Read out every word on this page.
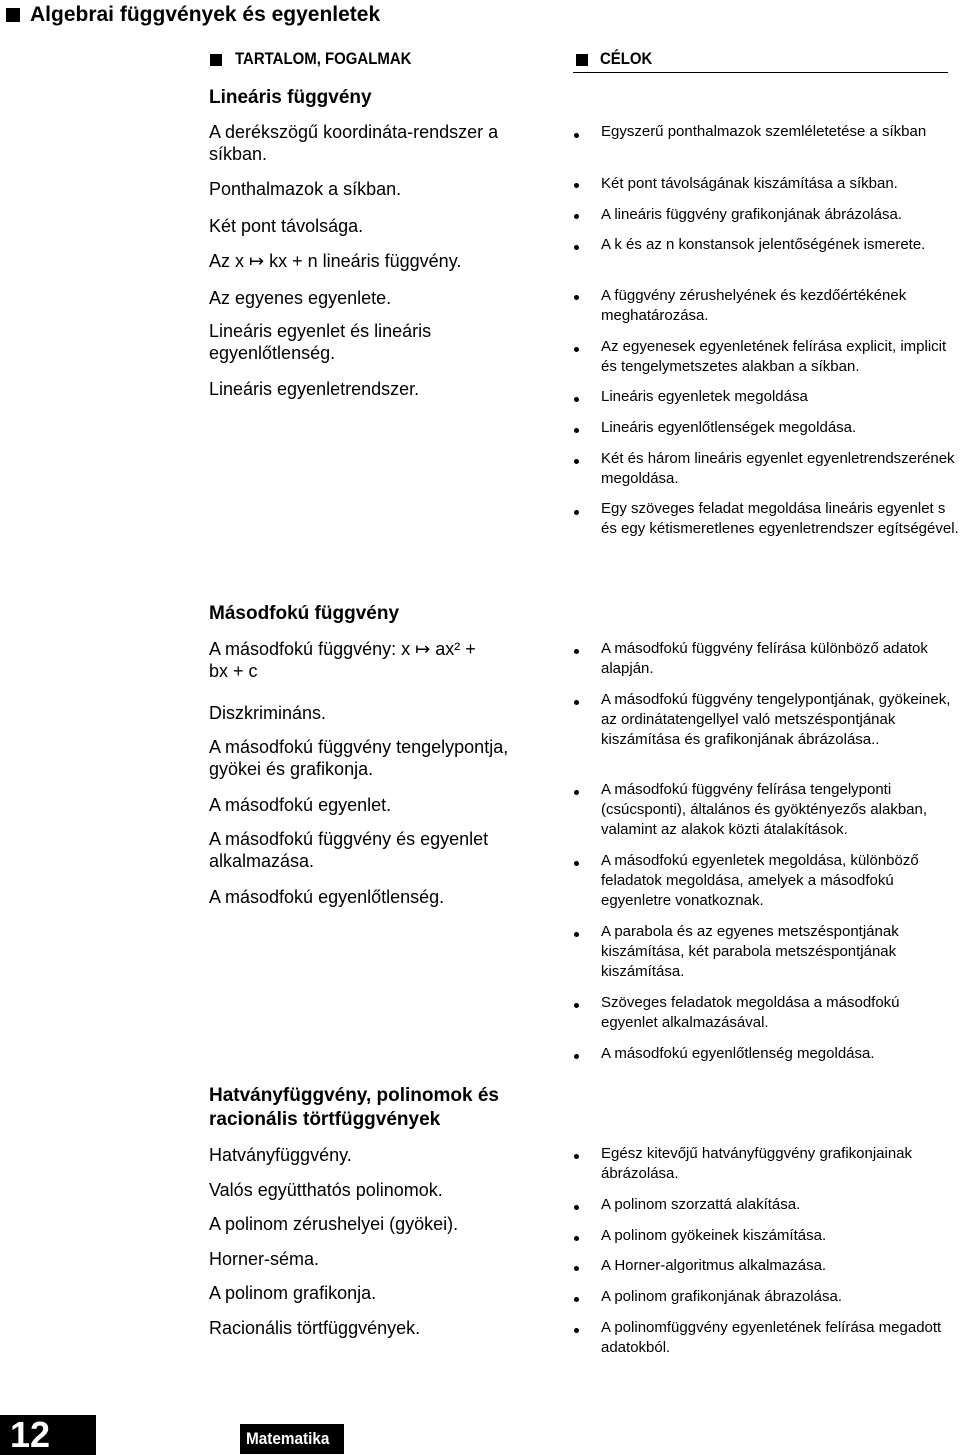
Algebrai függvények és egyenletek
TARTALOM, FOGALMAK	CÉLOK
Lineáris függvény
A derékszögű koordináta-rendszer a síkban.
Ponthalmazok a síkban.
Két pont távolsága.
Az x ↦ kx + n lineáris függvény.
Az egyenes egyenlete.
Lineáris egyenlet és lineáris egyenlőtlenség.
Lineáris egyenletrendszer.
Egyszerű ponthalmazok szemléletetése a síkban
Két pont távolságának kiszámítása a síkban.
A lineáris függvény grafikonjának ábrázolása.
A k és az n konstansok jelentőségének ismerete.
A függvény zérushelyének és kezdőértékének meghatározása.
Az egyenesek egyenletének felírása explicit, implicit és tengelymetszetes alakban a síkban.
Lineáris egyenletek megoldása
Lineáris egyenlőtlenségek megoldása.
Két és három lineáris egyenlet egyenletrendszerének megoldása.
Egy szöveges feladat megoldása lineáris egyenlet s és egy kétismeretlenes egyenletrendszer egítségével.
Másodfokú függvény
A másodfokú függvény: x ↦ ax² + bx + c
Diszkrimináns.
A másodfokú függvény tengelypontja, gyökei és grafikonja.
A másodfokú egyenlet.
A másodfokú függvény és egyenlet alkalmazása.
A másodfokú egyenlőtlenség.
A másodfokú függvény felírása különböző adatok alapján.
A másodfokú függvény tengelypontjának, gyökeinek, az ordinátatengellyel való metszéspontjának kiszámítása és grafikonjának ábrázolása..
A másodfokú függvény felírása tengelyponti (csúcsponti), általános és gyöktényezős alakban, valamint az alakok közti átalakítások.
A másodfokú egyenletek megoldása, különböző feladatok megoldása, amelyek a másodfokú egyenletre vonatkoznak.
A parabola és az egyenes metszéspontjának kiszámítása, két parabola metszéspontjának kiszámítása.
Szöveges feladatok megoldása a másodfokú egyenlet alkalmazásával.
A másodfokú egyenlőtlenség megoldása.
Hatványfüggvény, polinomok és racionális törtfüggvények
Hatványfüggvény.
Valós együtthatós polinomok.
A polinom zérushelyei (gyökei).
Horner-séma.
A polinom grafikonja.
Racionális törtfüggvények.
Egész kitevőjű hatványfüggvény grafikonjainak ábrázolása.
A polinom szorzattá alakítása.
A polinom gyökeinek kiszámítása.
A Horner-algoritmus alkalmazása.
A polinom grafikonjának ábrazolása.
A polinomfüggvény egyenletének felírása megadott adatokból.
12	Matematika
